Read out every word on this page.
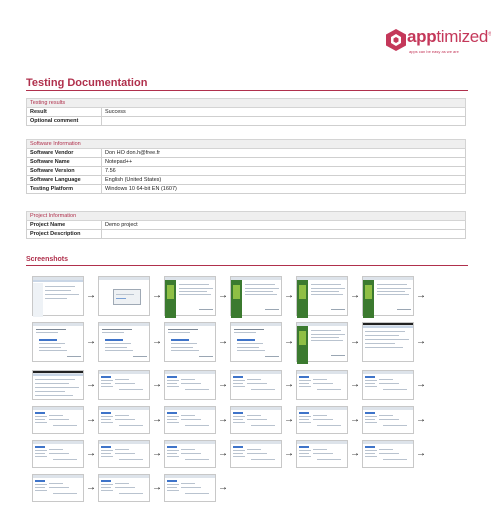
apptimized®
apps can be easy as we are
Testing Documentation
Testing results	
Result	Success
Optional comment	
Software Information	
Software Vendor	Don HO don.h@free.fr
Software Name	Notepad++
Software Version	7.56
Software Language	English (United States)
Testing Platform	Windows 10 64-bit EN (1607)
Project Information	
Project Name	Demo project
Project Description	
Screenshots
→	→	→	→	→	→
→	→	→	→	→	→
→	→	→	→	→	→
→	→	→	→	→	→
→	→	→	→	→	→
→	→	→
